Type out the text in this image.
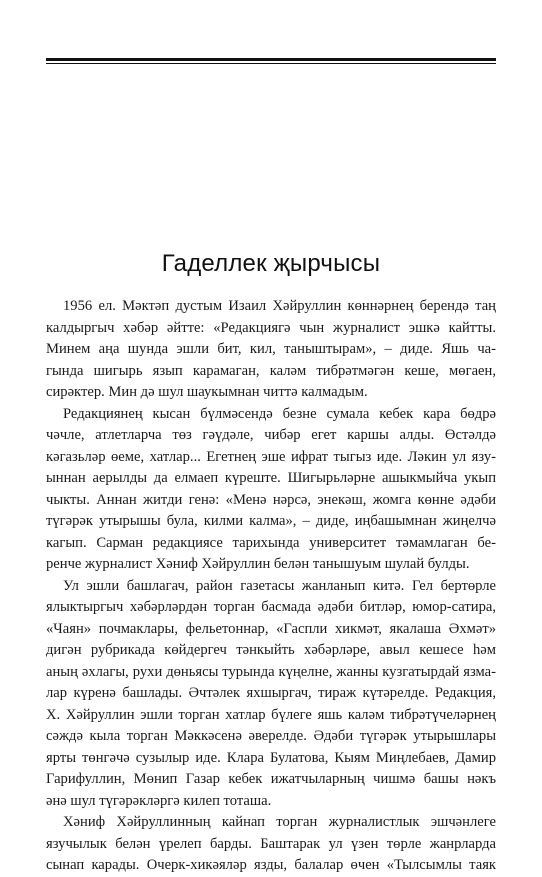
Гаделлек җырчысы

1956 ел. Мәктәп дустым Изаил Хәйруллин көннәрнең берендә таң
калдыргыч хәбәр әйтте: «Редакциягә чын журналист эшкә кайтты.
Минем аңа шунда эшли бит, кил, таныштырам», – диде. Яшь ча-
гында шигырь язып карамаган, каләм тибрәтмәгән кеше, мөгаен,
сирәктер. Мин дә шул шаукымнан читтә калмадым.

Редакциянең кысан бүлмәсендә безне сумала кебек кара бөдрә
чәчле, атлетларча төз гәүдәле, чибәр егет каршы алды. Өстәлдә
кәгазьләр өеме, хатлар... Егетнең эше ифрат тыгыз иде. Ләкин ул язу-
ыннан аерылды да елмаеп күреште. Шигырьләрне ашыкмыйча укып
чыкты. Аннан житди генә: «Менә нәрсә, энекәш, жомга көнне әдәби
түгәрәк утырышы була, килми калма», – диде, иңбашымнан жиңелчә
кагып. Сарман редакциясе тарихында университет тәмамлаган бе-
ренче журналист Хәниф Хәйруллин белән танышуым шулай булды.

Ул эшли башлагач, район газетасы жанланып китә. Гел бертөрле
ялыктыргыч хәбәрләрдән торган басмада әдәби битләр, юмор-сатира,
«Чаян» почмаклары, фельетоннар, «Гаспли хикмәт, якалаша Әхмәт»
дигән рубрикада көйдергеч тәнкыйть хәбәрләре, авыл кешесе һәм
аның әхлагы, рухи дөньясы турында күңелне, жанны кузгатырдай язма-
лар күренә башлады. Әчтәлек яхшыргач, тираж күтәрелде. Редакция,
Х. Хәйруллин эшли торган хатлар бүлеге яшь каләм тибрәтүчеләрнең
сәждә кыла торган Мәккәсенә әверелде. Әдәби түгәрәк утырышлары
ярты төнгәчә сузылыр иде. Клара Булатова, Кыям Миңлебаев, Дамир
Гарифуллин, Мөнип Газар кебек ижатчыларның чишмә башы нәкъ
әнә шул түгәрәкләргә килеп тоташа.

Хәниф Хәйруллинның кайнап торган журналистлык эшчәнлеге
язучылык белән үрелеп барды. Баштарак ул үзен төрле жанрларда
сынап карады. Очерк-хикәяләр язды, балалар өчен «Тылсымлы таяк
